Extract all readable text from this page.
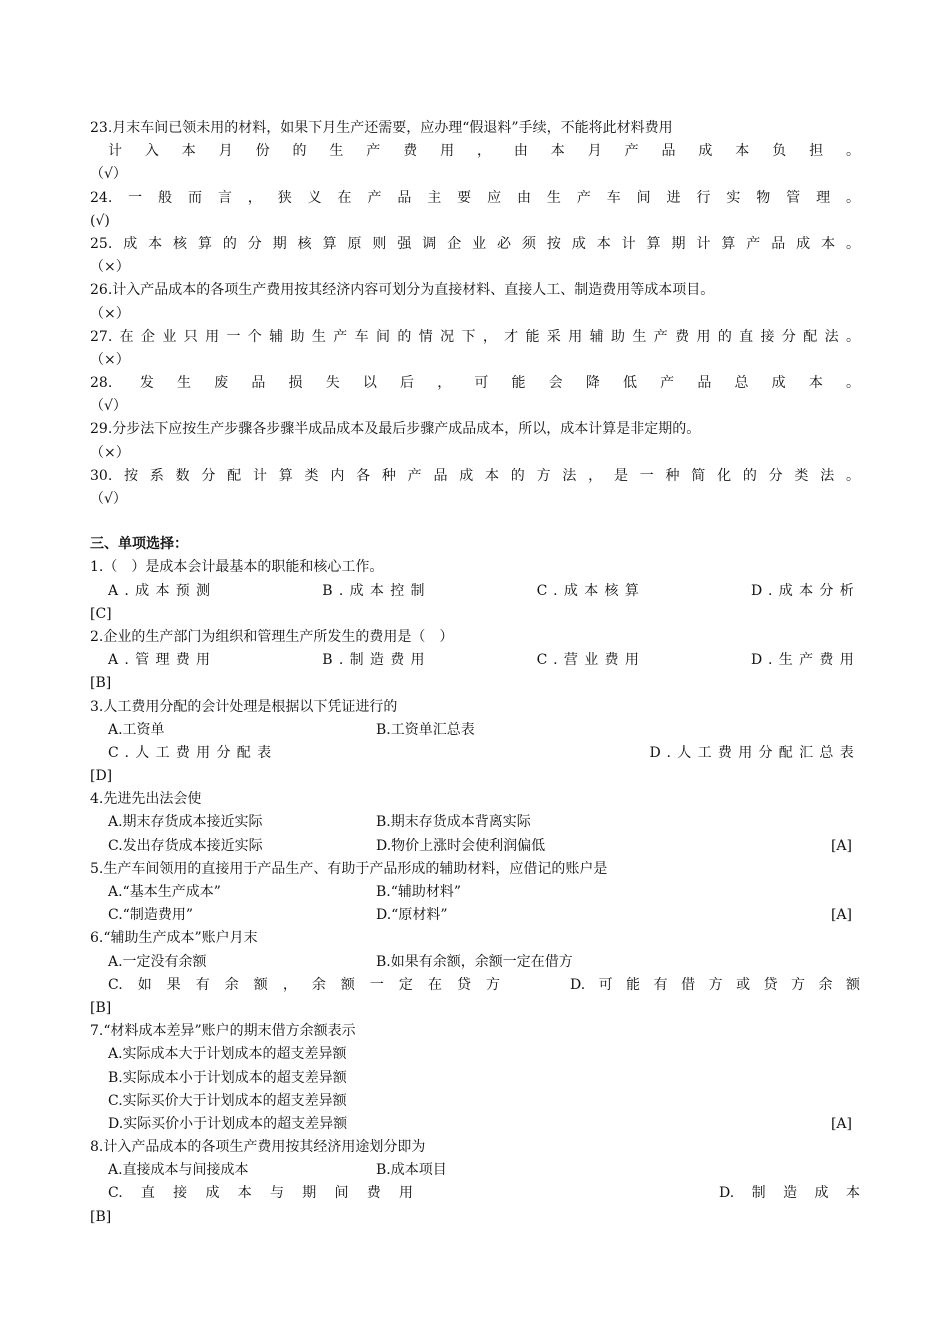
23.月末车间已领未用的材料，如果下月生产还需要，应办理“假退料”手续，不能将此材料费用
计入本月份的生产费用，由本月产品成本负担。
（√）
24.一般而言，狭义在产品主要应由生产车间进行实物管理。
(√)
25.成本核算的分期核算原则强调企业必须按成本计算期计算产品成本。
（×）
26.计入产品成本的各项生产费用按其经济内容可划分为直接材料、直接人工、制造费用等成本项目。
（×）
27.在企业只用一个辅助生产车间的情况下，才能采用辅助生产费用的直接分配法。
（×）
28. 发生废品损失以后，可能会降低产品总成本。
（√）
29.分步法下应按生产步骤各步骤半成品成本及最后步骤产成品成本，所以，成本计算是非定期的。
（×）
30.按系数分配计算类内各种产品成本的方法，是一种简化的分类法。
（√）
三、单项选择：
1.（　）是成本会计最基本的职能和核心工作。
A.成本预测	B.成本控制	C.成本核算	D.成本分析
[C]
2.企业的生产部门为组织和管理生产所发生的费用是（　）
A.管理费用	B.制造费用	C.营业费用	D.生产费用
[B]
3.人工费用分配的会计处理是根据以下凭证进行的
A.工资单	B.工资单汇总表
C.人工费用分配表	D.人工费用分配汇总表
[D]
4.先进先出法会使
A.期末存货成本接近实际	B.期末存货成本背离实际
C.发出存货成本接近实际	D.物价上涨时会使利润偏低	[A]
5.生产车间领用的直接用于产品生产、有助于产品形成的辅助材料，应借记的账户是
A.“基本生产成本”	B.“辅助材料”
C.“制造费用”	D.“原材料”	[A]
6.“辅助生产成本”账户月末
A.一定没有余额	B.如果有余额，余额一定在借方
C.如果有余额，余额一定在贷方	D.可能有借方或贷方余额
[B]
7.“材料成本差异”账户的期末借方余额表示
A.实际成本大于计划成本的超支差异额
B.实际成本小于计划成本的超支差异额
C.实际买价大于计划成本的超支差异额
D.实际买价小于计划成本的超支差异额	[A]
8.计入产品成本的各项生产费用按其经济用途划分即为
A.直接成本与间接成本	B.成本项目
C.直接成本与期间费用	D.制造成本
[B]
